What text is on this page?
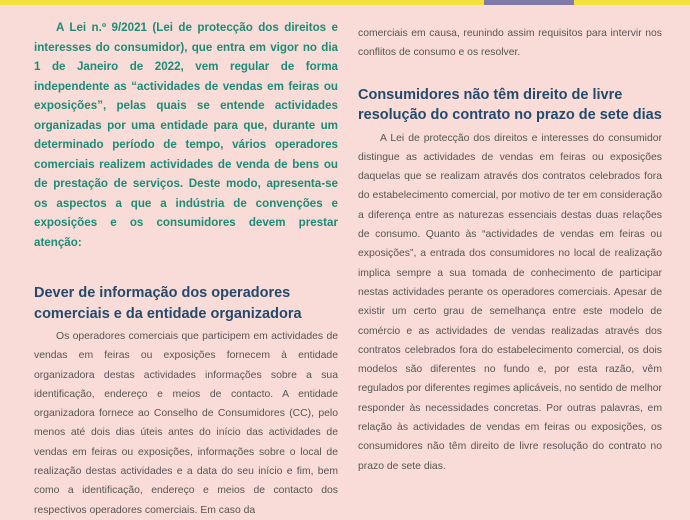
A Lei n.º 9/2021 (Lei de protecção dos direitos e interesses do consumidor), que entra em vigor no dia 1 de Janeiro de 2022, vem regular de forma independente as “actividades de vendas em feiras ou exposições”, pelas quais se entende actividades organizadas por uma entidade para que, durante um determinado período de tempo, vários operadores comerciais realizem actividades de venda de bens ou de prestação de serviços. Deste modo, apresenta-se os aspectos a que a indústria de convenções e exposições e os consumidores devem prestar atenção:

Dever de informação dos operadores comerciais e da entidade organizadora

Os operadores comerciais que participem em actividades de vendas em feiras ou exposições fornecem à entidade organizadora destas actividades informações sobre a sua identificação, endereço e meios de contacto. A entidade organizadora fornece ao Conselho de Consumidores (CC), pelo menos até dois dias úteis antes do início das actividades de vendas em feiras ou exposições, informações sobre o local de realização destas actividades e a data do seu início e fim, bem como a identificação, endereço e meios de contacto dos respectivos operadores comerciais. Em caso da

comerciais em causa, reunindo assim requisitos para intervir nos conflitos de consumo e os resolver.

Consumidores não têm direito de livre resolução do contrato no prazo de sete dias

A Lei de protecção dos direitos e interesses do consumidor distingue as actividades de vendas em feiras ou exposições daquelas que se realizam através dos contratos celebrados fora do estabelecimento comercial, por motivo de ter em consideração a diferença entre as naturezas essenciais destas duas relações de consumo. Quanto às “actividades de vendas em feiras ou exposições”, a entrada dos consumidores no local de realização implica sempre a sua tomada de conhecimento de participar nestas actividades perante os operadores comerciais. Apesar de existir um certo grau de semelhança entre este modelo de comércio e as actividades de vendas realizadas através dos contratos celebrados fora do estabelecimento comercial, os dois modelos são diferentes no fundo e, por esta razão, vêm regulados por diferentes regimes aplicáveis, no sentido de melhor responder às necessidades concretas. Por outras palavras, em relação às actividades de vendas em feiras ou exposições, os consumidores não têm direito de livre resolução do contrato no prazo de sete dias.
